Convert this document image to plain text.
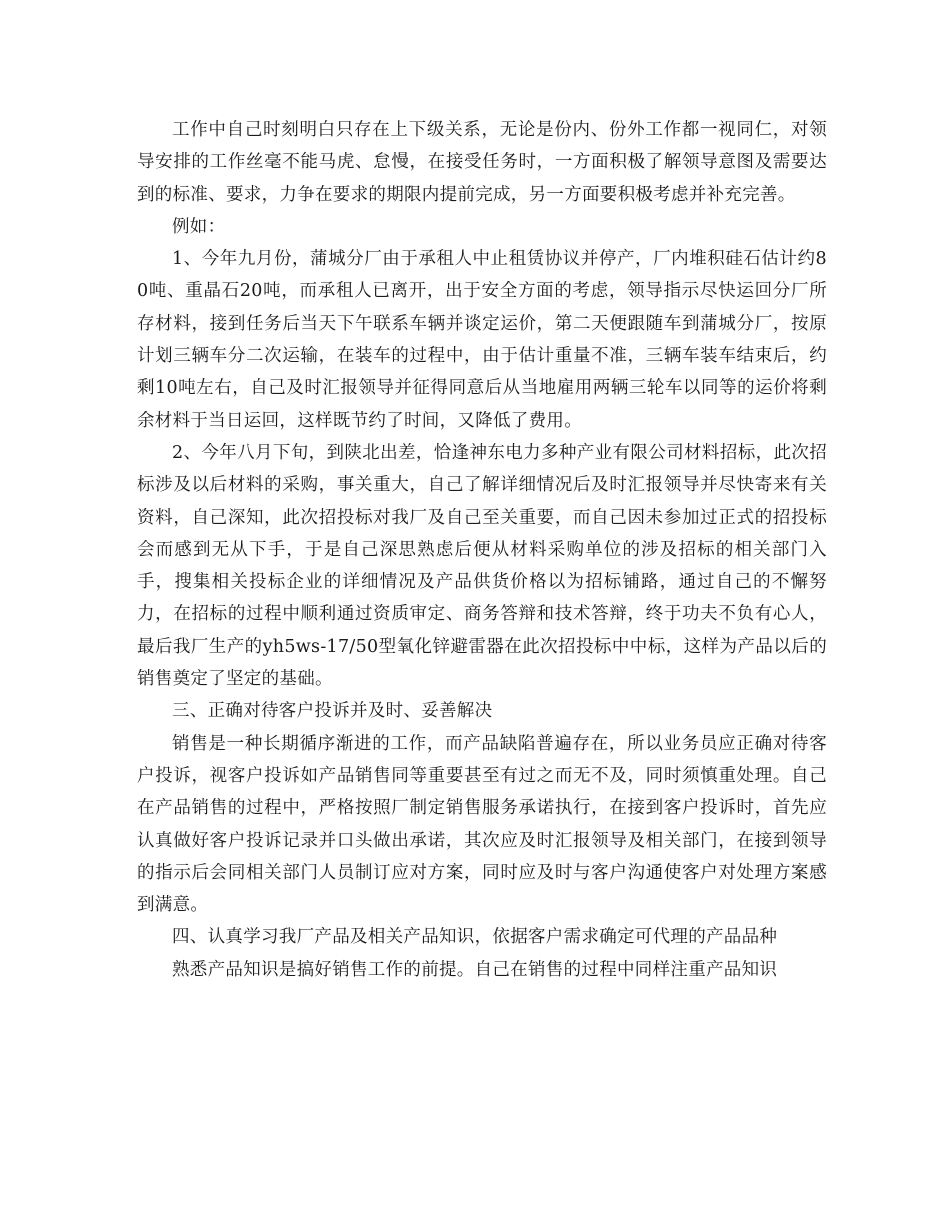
工作中自己时刻明白只存在上下级关系，无论是份内、份外工作都一视同仁，对领导安排的工作丝毫不能马虎、怠慢，在接受任务时，一方面积极了解领导意图及需要达到的标准、要求，力争在要求的期限内提前完成，另一方面要积极考虑并补充完善。

例如：

1、今年九月份，蒲城分厂由于承租人中止租赁协议并停产，厂内堆积硅石估计约80吨、重晶石20吨，而承租人已离开，出于安全方面的考虑，领导指示尽快运回分厂所存材料，接到任务后当天下午联系车辆并谈定运价，第二天便跟随车到蒲城分厂，按原计划三辆车分二次运输，在装车的过程中，由于估计重量不准，三辆车装车结束后，约剩10吨左右，自己及时汇报领导并征得同意后从当地雇用两辆三轮车以同等的运价将剩余材料于当日运回，这样既节约了时间，又降低了费用。

2、今年八月下旬，到陕北出差，恰逢神东电力多种产业有限公司材料招标，此次招标涉及以后材料的采购，事关重大，自己了解详细情况后及时汇报领导并尽快寄来有关资料，自己深知，此次招投标对我厂及自己至关重要，而自己因未参加过正式的招投标会而感到无从下手，于是自己深思熟虑后便从材料采购单位的涉及招标的相关部门入手，搜集相关投标企业的详细情况及产品供货价格以为招标铺路，通过自己的不懈努力，在招标的过程中顺利通过资质审定、商务答辩和技术答辩，终于功夫不负有心人，最后我厂生产的yh5ws-17/50型氧化锌避雷器在此次招投标中中标，这样为产品以后的销售奠定了坚定的基础。

三、正确对待客户投诉并及时、妥善解决

销售是一种长期循序渐进的工作，而产品缺陷普遍存在，所以业务员应正确对待客户投诉，视客户投诉如产品销售同等重要甚至有过之而无不及，同时须慎重处理。自己在产品销售的过程中，严格按照厂制定销售服务承诺执行，在接到客户投诉时，首先应认真做好客户投诉记录并口头做出承诺，其次应及时汇报领导及相关部门，在接到领导的指示后会同相关部门人员制订应对方案，同时应及时与客户沟通使客户对处理方案感到满意。

四、认真学习我厂产品及相关产品知识，依据客户需求确定可代理的产品品种

熟悉产品知识是搞好销售工作的前提。自己在销售的过程中同样注重产品知识
